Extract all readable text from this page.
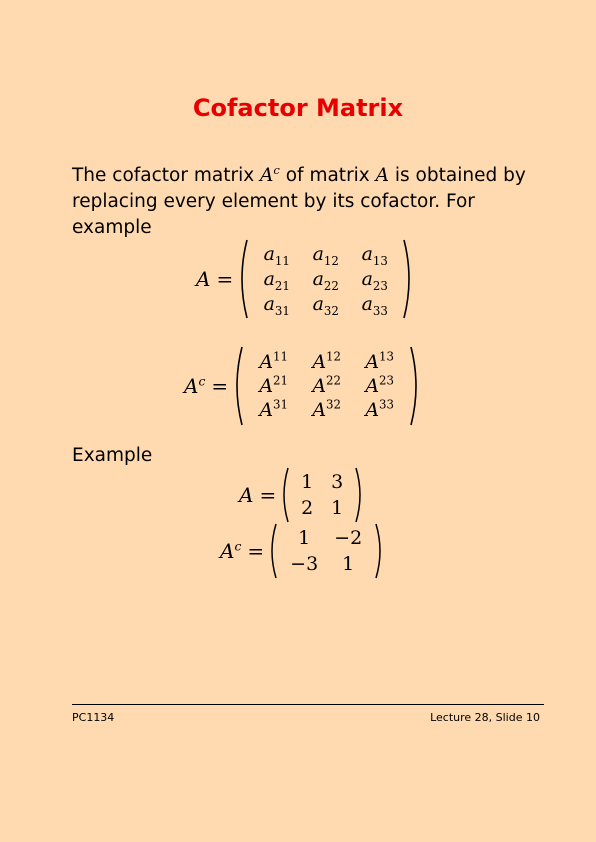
Cofactor Matrix
The cofactor matrix $A^c$ of matrix A is obtained by replacing every element by its cofactor. For example
A =
$a_{11}$	$a_{12}$	$a_{13}$
$a_{21}$	$a_{22}$	$a_{23}$
$a_{31}$	$a_{32}$	$a_{33}$
$A^c$ =
$A^{11}$	$A^{12}$	$A^{13}$
$A^{21}$	$A^{22}$	$A^{23}$
$A^{31}$	$A^{32}$	$A^{33}$
Example
A =
1 3
2 1
$A^c$ =
1	−2
−3	1
PC1134	Lecture 28, Slide 10
